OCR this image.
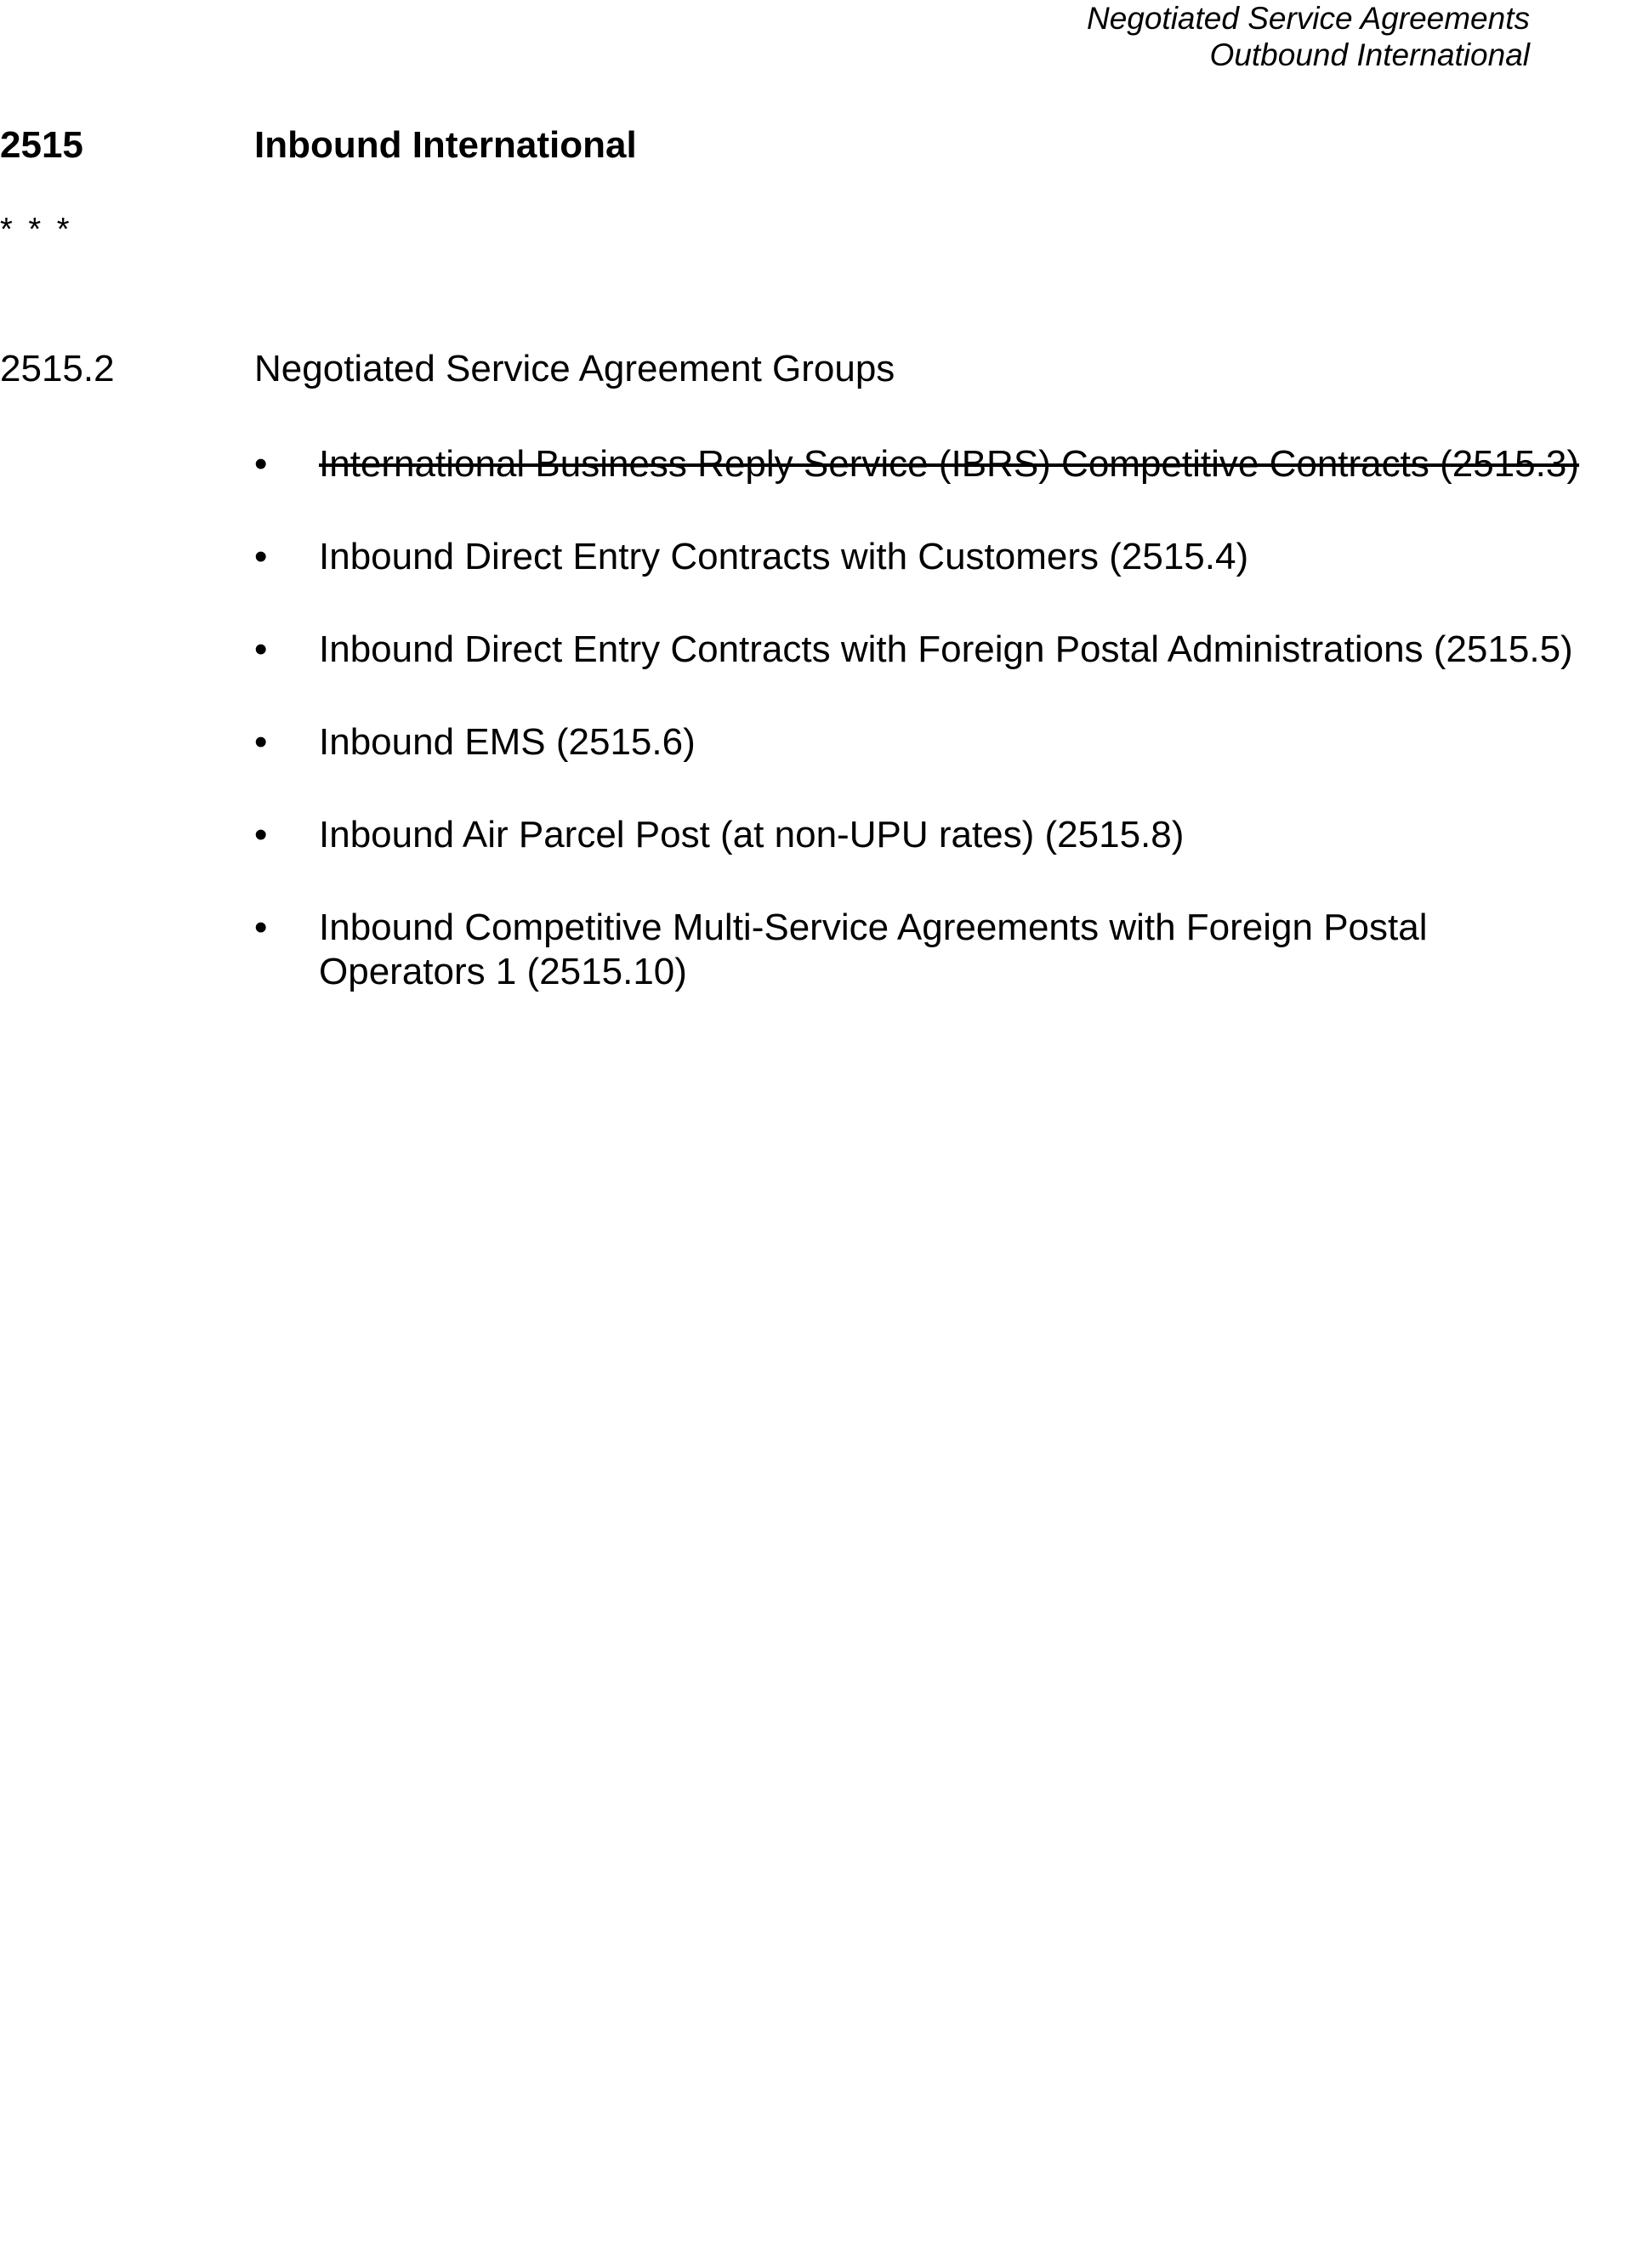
Negotiated Service Agreements
Outbound International
2515	Inbound International
* * *
2515.2	Negotiated Service Agreement Groups
•	International Business Reply Service (IBRS) Competitive Contracts (2515.3)
•	Inbound Direct Entry Contracts with Customers (2515.4)
•	Inbound Direct Entry Contracts with Foreign Postal Administrations (2515.5)
•	Inbound EMS (2515.6)
•	Inbound Air Parcel Post (at non-UPU rates) (2515.8)
•	Inbound Competitive Multi-Service Agreements with Foreign Postal Operators 1 (2515.10)
